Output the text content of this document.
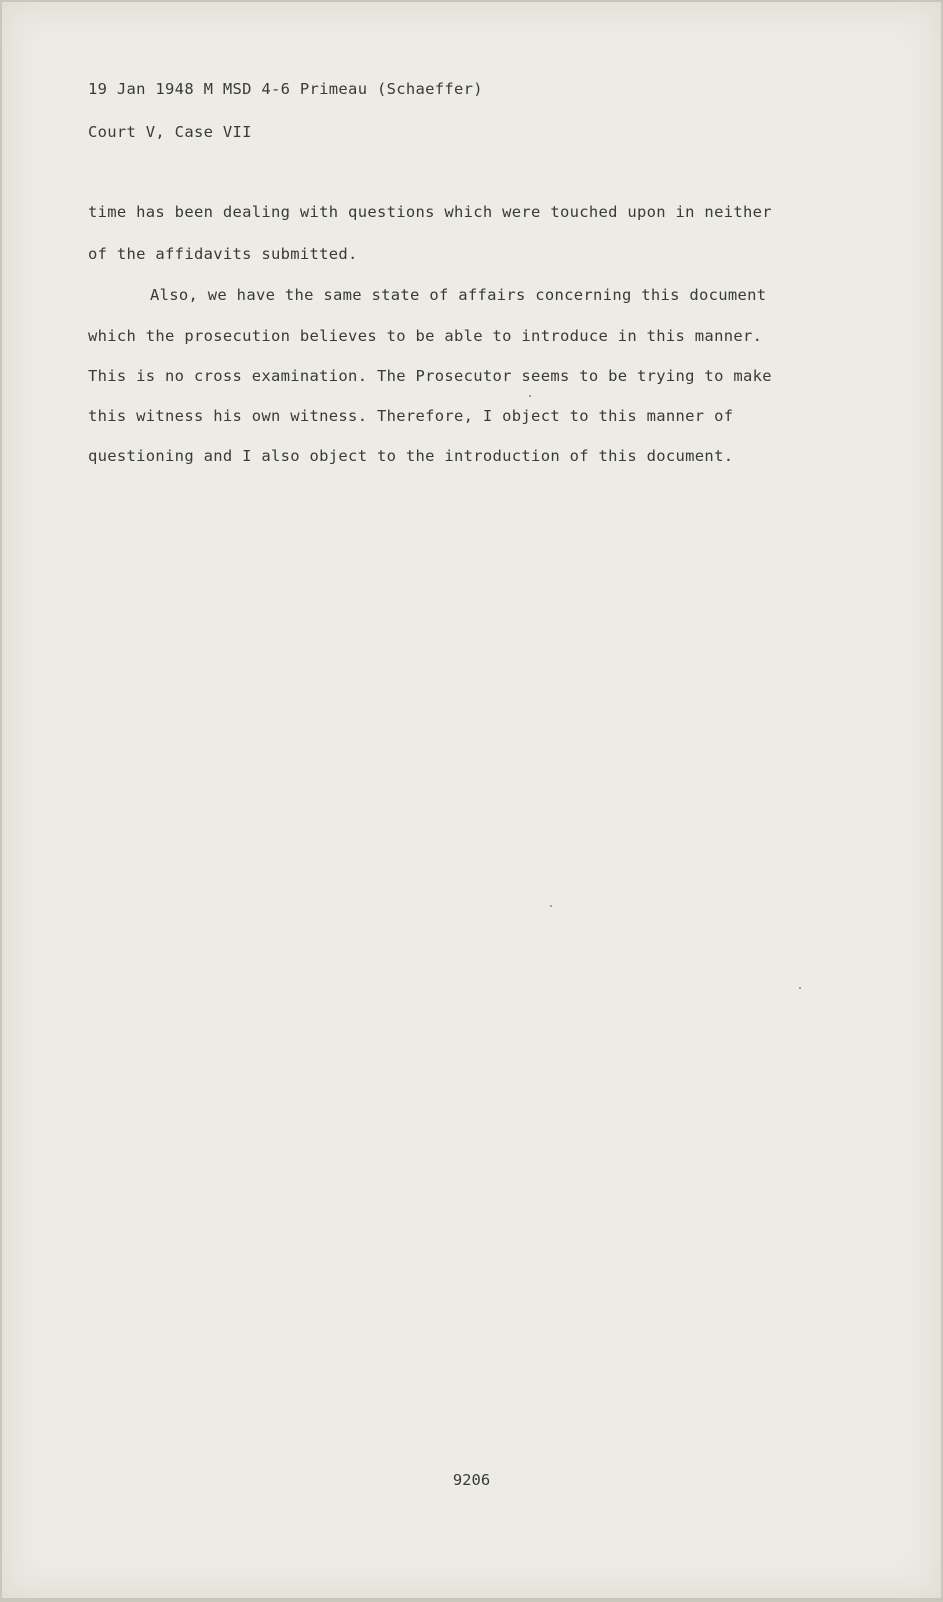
19 Jan 1948 M MSD 4-6 Primeau (Schaeffer)
Court V, Case VII
time has been dealing with questions which were touched upon in neither
of the affidavits submitted.
Also, we have the same state of affairs concerning this document
which the prosecution believes to be able to introduce in this manner.
This is no cross examination. The Prosecutor seems to be trying to make
this witness his own witness. Therefore, I object to this manner of
questioning and I also object to the introduction of this document.
9206
